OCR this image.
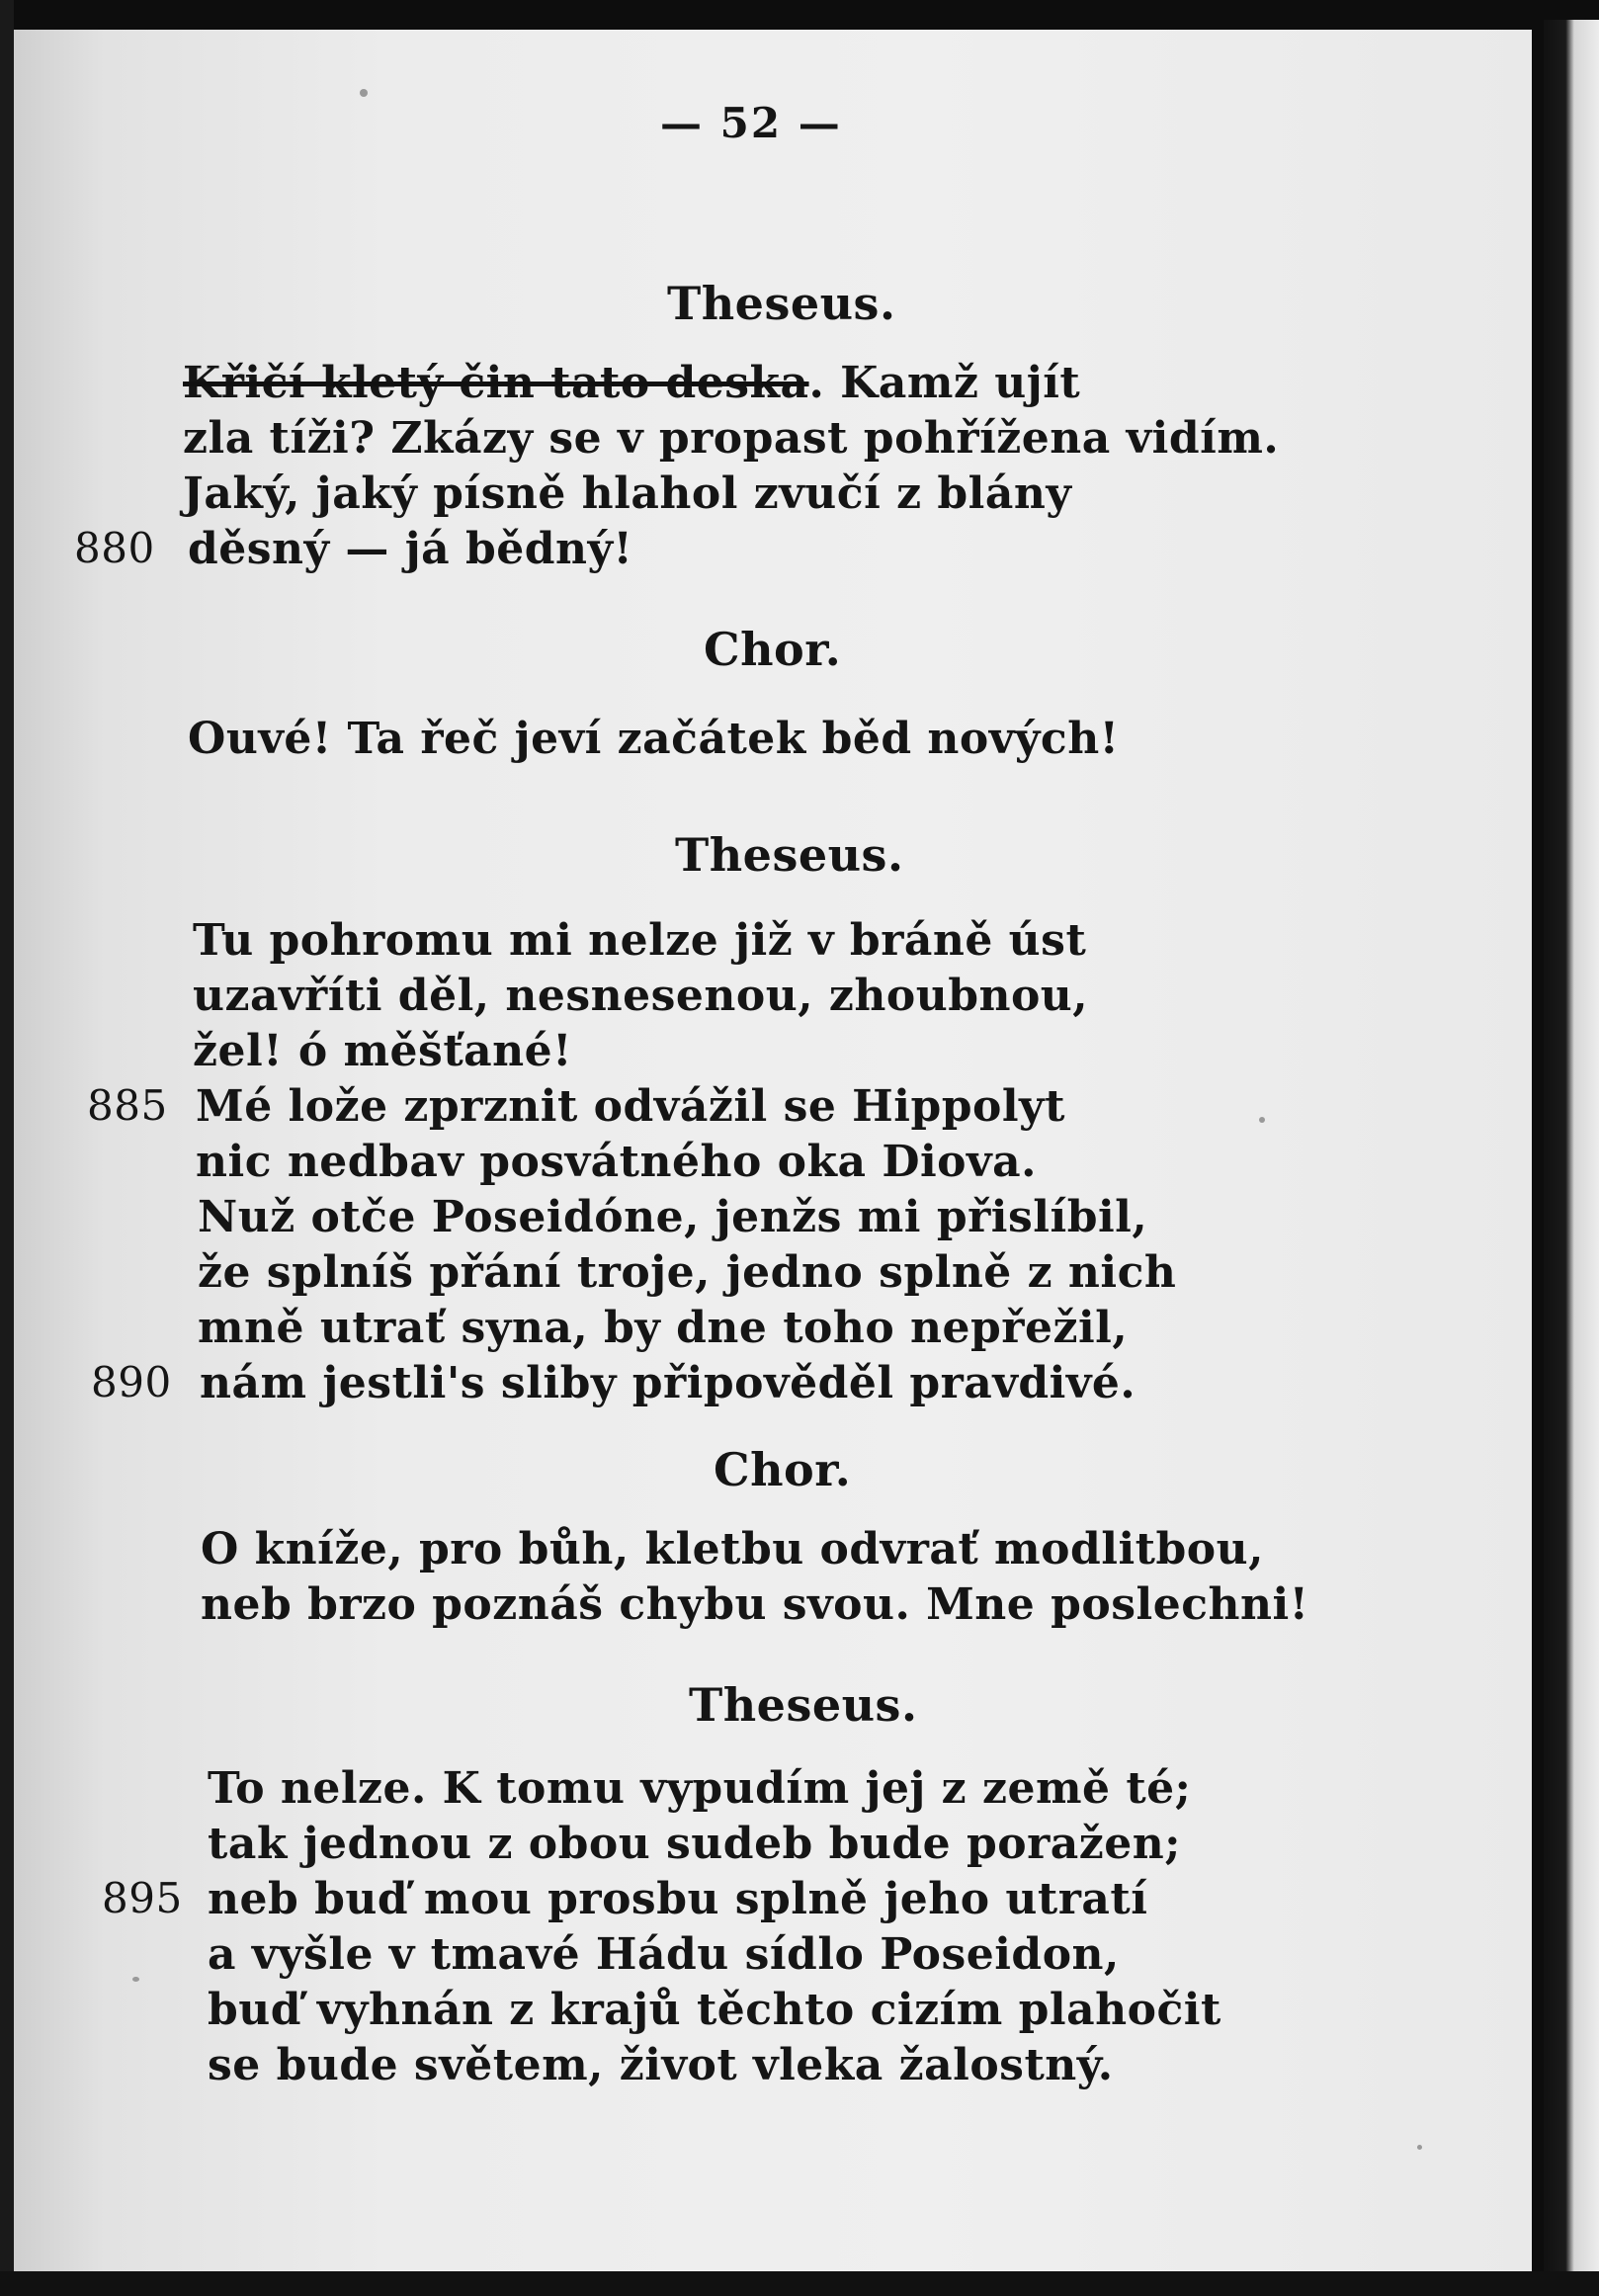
— 52 —
Theseus.
Křičí kletý čin tato deska. Kamž ujít
zla tíži? Zkázy se v propast pohřížena vidím.
Jaký, jaký písně hlahol zvučí z blány
880 děsný — já bědný!
Chor.
Ouvé! Ta řeč jeví začátek běd nových!
Theseus.
Tu pohromu mi nelze již v bráně úst
uzavříti děl, nesnesenou, zhoubnou,
žel! ó měšťané!
885 Mé lože zprznit odvážil se Hippolyt
nic nedbav posvátného oka Diova.
Nuž otče Poseidóne, jenžs mi přislíbil,
že splníš přání troje, jedno splně z nich
mně utrať syna, by dne toho nepřežil,
890 nám jestli's sliby připověděl pravdivé.
Chor.
O kníže, pro bůh, kletbu odvrať modlitbou,
neb brzo poznáš chybu svou. Mne poslechni!
Theseus.
To nelze. K tomu vypudím jej z země té;
tak jednou z obou sudeb bude poražen;
895 neb buď mou prosbu splně jeho utratí
a vyšle v tmavé Hádu sídlo Poseidon,
buď vyhnán z krajů těchto cizím plahočit
se bude světem, život vleka žalostný.
